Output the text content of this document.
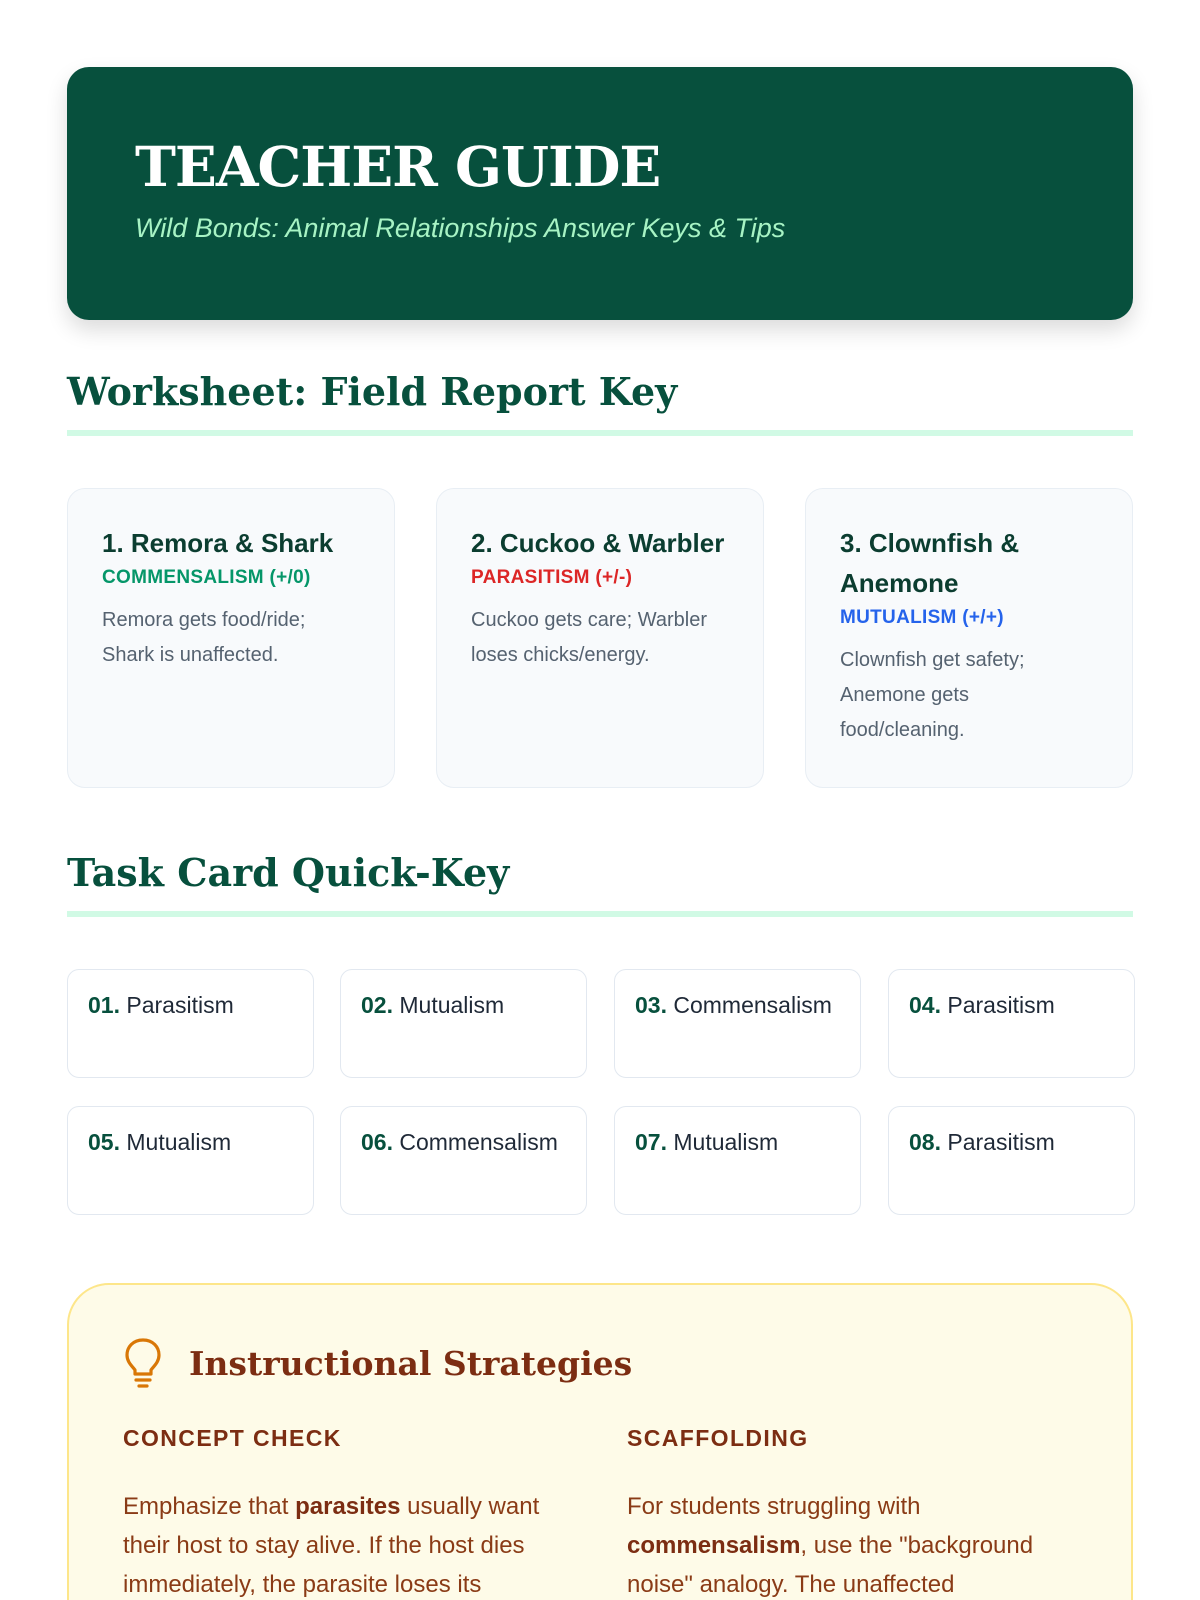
TEACHER GUIDE
Wild Bonds: Animal Relationships Answer Keys & Tips
Worksheet: Field Report Key
1. Remora & Shark
COMMENSALISM (+/0)
Remora gets food/ride; Shark is unaffected.
2. Cuckoo & Warbler
PARASITISM (+/-)
Cuckoo gets care; Warbler loses chicks/energy.
3. Clownfish & Anemone
MUTUALISM (+/+)
Clownfish get safety; Anemone gets food/cleaning.
Task Card Quick-Key
01. Parasitism	02. Mutualism	03. Commensalism	04. Parasitism
05. Mutualism	06. Commensalism	07. Mutualism	08. Parasitism
Instructional Strategies
CONCEPT CHECK

Emphasize that parasites usually want their host to stay alive. If the host dies immediately, the parasite loses its

SCAFFOLDING

For students struggling with commensalism, use the "background noise" analogy. The unaffected
